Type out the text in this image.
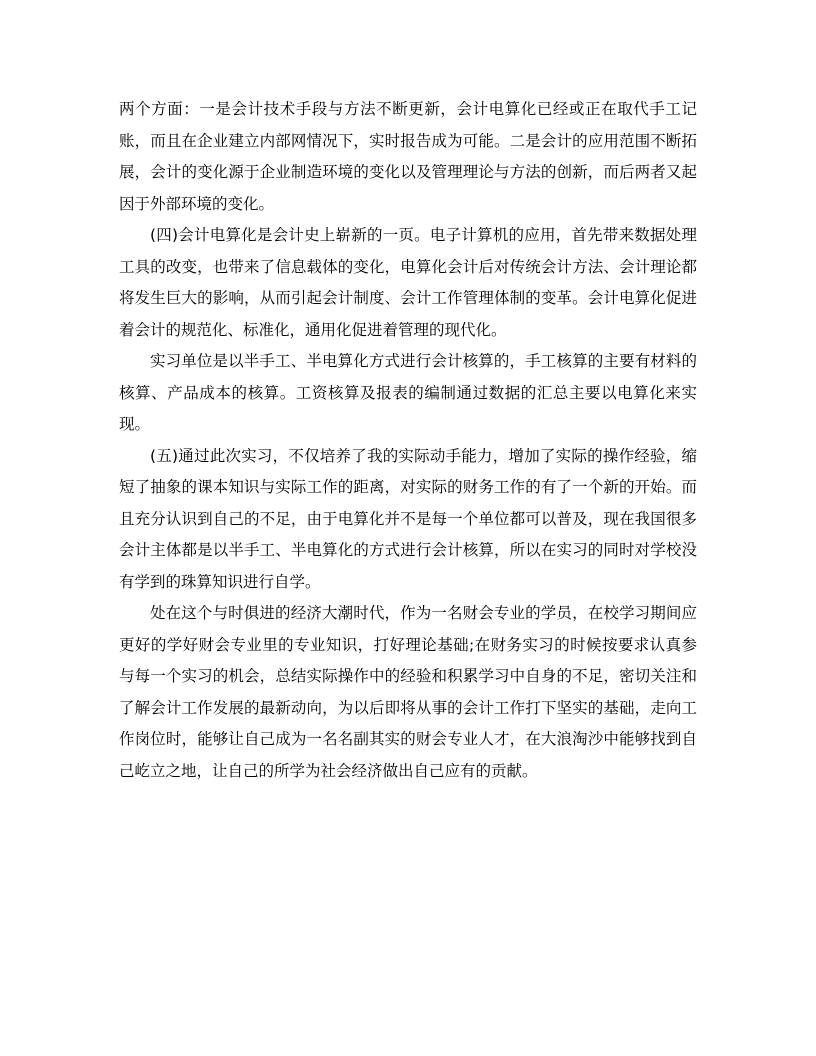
两个方面：一是会计技术手段与方法不断更新，会计电算化已经或正在取代手工记账，而且在企业建立内部网情况下，实时报告成为可能。二是会计的应用范围不断拓展，会计的变化源于企业制造环境的变化以及管理理论与方法的创新，而后两者又起因于外部环境的变化。

(四)会计电算化是会计史上崭新的一页。电子计算机的应用，首先带来数据处理工具的改变，也带来了信息载体的变化，电算化会计后对传统会计方法、会计理论都将发生巨大的影响，从而引起会计制度、会计工作管理体制的变革。会计电算化促进着会计的规范化、标准化，通用化促进着管理的现代化。

实习单位是以半手工、半电算化方式进行会计核算的，手工核算的主要有材料的核算、产品成本的核算。工资核算及报表的编制通过数据的汇总主要以电算化来实现。

(五)通过此次实习，不仅培养了我的实际动手能力，增加了实际的操作经验，缩短了抽象的课本知识与实际工作的距离，对实际的财务工作的有了一个新的开始。而且充分认识到自己的不足，由于电算化并不是每一个单位都可以普及，现在我国很多会计主体都是以半手工、半电算化的方式进行会计核算，所以在实习的同时对学校没有学到的珠算知识进行自学。

处在这个与时俱进的经济大潮时代，作为一名财会专业的学员，在校学习期间应更好的学好财会专业里的专业知识，打好理论基础;在财务实习的时候按要求认真参与每一个实习的机会，总结实际操作中的经验和积累学习中自身的不足，密切关注和了解会计工作发展的最新动向，为以后即将从事的会计工作打下坚实的基础，走向工作岗位时，能够让自己成为一名名副其实的财会专业人才，在大浪淘沙中能够找到自己屹立之地，让自己的所学为社会经济做出自己应有的贡献。
